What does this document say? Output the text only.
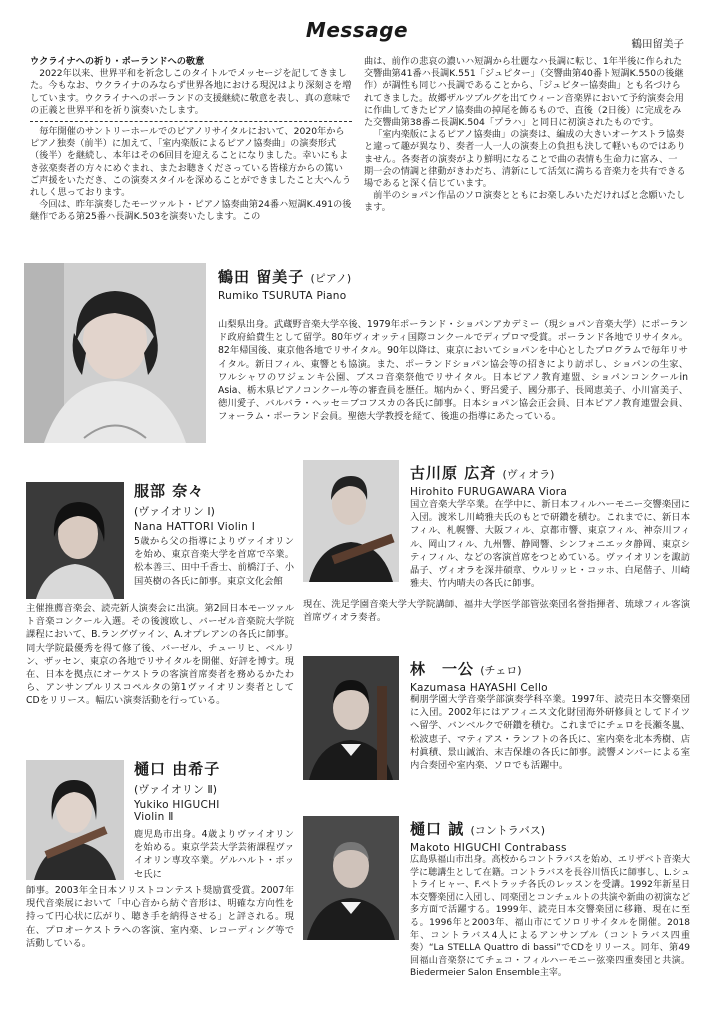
Message
鶴田留美子

ウクライナへの祈り・ポーランドへの敬意

2022年以来、世界平和を祈念しこのタイトルでメッセージを記してきました。今もなお、ウクライナのみならず世界各地における現況はより深刻さを増しています。ウクライナへのポーランドの支援継続に敬意を表し、真の意味での正義と世界平和を祈り演奏いたします。

毎年開催のサントリーホールでのピアノリサイタルにおいて、2020年からピアノ独奏（前半）に加えて、「室内楽版によるピアノ協奏曲」の演奏形式（後半）を継続し、本年はその6回目を迎えることになりました。幸いにもよき弦楽奏者の方々にめぐまれ、またお聴きくださっている皆様方からの篤いご声援をいただき、この演奏スタイルを深めることができましたこと大へんうれしく思っております。

今回は、昨年演奏したモーツァルト・ピアノ協奏曲第24番ハ短調K.491の後継作である第25番ハ長調K.503を演奏いたします。この

曲は、前作の悲哀の濃いハ短調から壮麗なハ長調に転じ、1年半後に作られた交響曲第41番ハ長調K.551「ジュピター」（交響曲第40番ト短調K.550の後継作）が調性も同じハ長調であることから、「ジュピター協奏曲」とも名づけられてきました。故郷ザルツブルグを出てウィーン音楽界において予約演奏会用に作曲してきたピアノ協奏曲の掉尾を飾るもので、直後（2日後）に完成をみた交響曲第38番ニ長調K.504「プラハ」と同日に初演されたものです。

「室内楽版によるピアノ協奏曲」の演奏は、編成の大きいオーケストラ協奏と違って趣が異なり、奏者一人一人の演奏上の負担も決して軽いものではありません。各奏者の演奏がより鮮明になることで曲の表情も生命力に富み、一期一会の情調と律動がきわだち、清新にして活気に満ちる音楽力を共有できる場であると深く信じています。

前半のショパン作品のソロ演奏とともにお楽しみいただければと念願いたします。

鶴田 留美子 (ピアノ)
Rumiko TSURUTA Piano
山梨県出身。武蔵野音楽大学卒後、1979年ポーランド・ショパンアカデミー（現ショパン音楽大学）にポーランド政府給費生として留学。80年ヴィオッティ国際コンクールでディプロマ受賞。ポーランド各地でリサイタル。82年帰国後、東京他各地でリサイタル。90年以降は、東京においてショパンを中心としたプログラムで毎年リサイタル。新日フィル、東響とも協演。また、ポーランドショパン協会等の招きにより訪ポし、ショパンの生家、ワルシャワのワジェンキ公園、ブスコ音楽祭他でリサイタル。日本ピアノ教育連盟、ショパンコンクールin Asia、栃木県ピアノコンクール等の審査員を歴任。堀内かく、野呂愛子、國分那子、長岡恵美子、小川富美子、徳川愛子、バルバラ・ヘッセ＝ブコフスカの各氏に師事。日本ショパン協会正会員、日本ピアノ教育連盟会員、フォーラム・ポーランド会員。聖徳大学教授を経て、後進の指導にあたっている。
服部 奈々
(ヴァイオリン Ⅰ)
Nana HATTORI Violin Ⅰ
5歳から父の指導によりヴァイオリンを始め、東京音楽大学を首席で卒業。松本善三、田中千香士、前橋汀子、小国英樹の各氏に師事。東京文化会館
主催推薦音楽会、読売新人演奏会に出演。第2回日本モーツァルト音楽コンクール入選。その後渡欧し、バーゼル音楽院大学院課程において、B.ラングヴァイン、A.オプレアンの各氏に師事。同大学院最優秀を得て修了後、バーゼル、チューリヒ、ベルリン、ザッセン、東京の各地でリサイタルを開催、好評を博す。現在、日本を拠点にオーケストラの客演首席奏者を務めるかたわら、アンサンブルリスコペルタの第1ヴァイオリン奏者としてCDをリリース。幅広い演奏活動を行っている。
樋口 由希子
(ヴァイオリン Ⅱ)
Yukiko HIGUCHI
Violin Ⅱ
鹿児島市出身。4歳よりヴァイオリンを始める。東京学芸大学芸術課程ヴァイオリン専攻卒業。ゲルハルト・ボッセ氏に
師事。2003年全日本ソリストコンテスト奨励賞受賞。2007年現代音楽展において「中心音から紡ぐ音形は、明確な方向性を持って円心状に広がり、聴き手を納得させる」と評される。現在、プロオーケストラへの客演、室内楽、レコーディング等で活動している。
古川原 広斉 (ヴィオラ)
Hirohito FURUGAWARA Viora
国立音楽大学卒業。在学中に、新日本フィルハーモニー交響楽団に入団。渡米し川崎雅夫氏のもとで研鑽を積む。これまでに、新日本フィル、札幌響、大阪フィル、京都市響、東京フィル、神奈川フィル、岡山フィル、九州響、静岡響、シンフォニエッタ静岡、東京シティフィル、などの客演首席をつとめている。ヴァイオリンを諏訪晶子、ヴィオラを深井碩章、ウルリッヒ・コッホ、白尾偕子、川崎雅夫、竹内晴夫の各氏に師事。
現在、洗足学園音楽大学大学院講師、福井大学医学部管弦楽団名誉指揮者、琉球フィル客演首席ヴィオラ奏者。
林　一公 (チェロ)
Kazumasa HAYASHI Cello
桐朋学園大学音楽学部演奏学科卒業。1997年、読売日本交響楽団に入団。2002年にはアフィニス文化財団海外研修員としてドイツへ留学、バンベルクで研鑽を積む。これまでにチェロを長瀬冬嵐、松波恵子、マティアス・ランフトの各氏に、室内楽を北本秀樹、店村眞積、景山誠治、末吉保雄の各氏に師事。読響メンバーによる室内合奏団や室内楽、ソロでも活躍中。
樋口 誠 (コントラバス)
Makoto HIGUCHI Contrabass
広島県福山市出身。高校からコントラバスを始め、エリザベト音楽大学に聴講生として在籍。コントラバスを長谷川悟氏に師事し、L.シュトライヒャー、F.ペトラッチ各氏のレッスンを受講。1992年新星日本交響楽団に入団し、同楽団とコンチェルトの共演や新曲の初演など多方面で活躍する。1999年、読売日本交響楽団に移籍、現在に至る。1996年と2003年、福山市にてソロリサイタルを開催。2018年、コントラバス4人によるアンサンブル（コントラバス四重奏）“La STELLA Quattro di bassi”でCDをリリース。同年、第49回福山音楽祭にてチェコ・フィルハーモニー弦楽四重奏団と共演。Biedermeier Salon Ensemble主宰。
